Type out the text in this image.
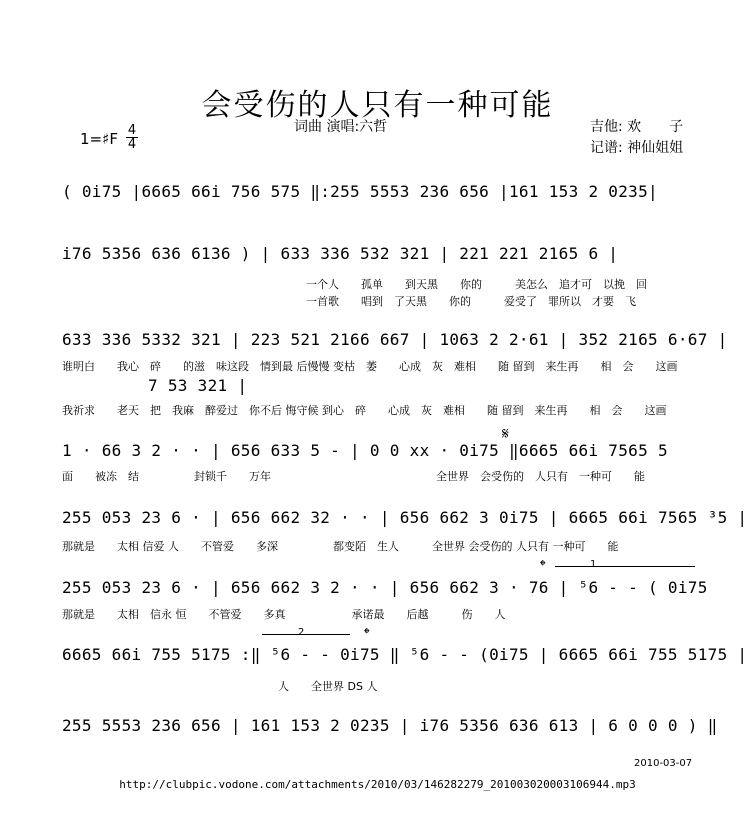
会受伤的人只有一种可能
词曲 演唱:六哲	吉他: 欢　　子
记谱: 神仙姐姐
1=♯F 4
4
( 0i75 |6665 66i 756 575 ‖:255 5553 236 656 |161 153 2 0235|
i76 5356 636 6136 ) | 633 336 532 321 | 221 221 2165 6 |
一个人　　孤单　　到天黑　　你的　　　美怎么　追才可　以挽　回
一首歌　　唱到　了天黑　　你的　　　爱受了　罪所以　才要　飞
633 336 5332 321 | 223 521 2166 667 | 1063 2 2·61 | 352 2165 6·67 |
谁明白　　我心　碎　　的滋　味这段　情到最 后慢慢 变枯　萎　　心成　灰　难相　　随 留到　来生再　　相　会　　这画
7 53 321 |
我祈求　　老天　把　我麻　醉爱过　你不后 悔守候 到心　碎　　心成　灰　难相　　随 留到　来生再　　相　会　　这画
1 · 66 3 2 · · | 656 633 5 - | 0 0 xx · 0i75 ‖6665 66i 7565 5
面　　被冻　结　　　　　封锁千　　万年　　　　　　　　　　　　　　　全世界　会受伤的　人只有　一种可　　能
255 053 23 6 · | 656 662 32 · · | 656 662 3 0i75 | 6665 66i 7565 ³5 |
那就是　　太相 信爱 人　　不管爱　　多深　　　　　都变陌　生人　　　全世界 会受伤的 人只有 一种可　　能
255 053 23 6 · | 656 662 3 2 · · | 656 662 3 · 76 | ⁵6 - - ( 0i75
那就是　　太相　信永 恒　　不管爱　　多真　　　　　　承诺最　　后越　　　伤　　人
6665 66i 755 5175 :‖ ⁵6 - - 0i75 ‖ ⁵6 - - (0i75 | 6665 66i 755 5175 |
人　　全世界 DS 人
255 5553 236 656 | 161 153 2 0235 | i76 5356 636 613 | 6 0 0 0 ) ‖
𝄋
𝄌
𝄌
1
2
2010-03-07
http://clubpic.vodone.com/attachments/2010/03/146282279_201003020003106944.mp3
